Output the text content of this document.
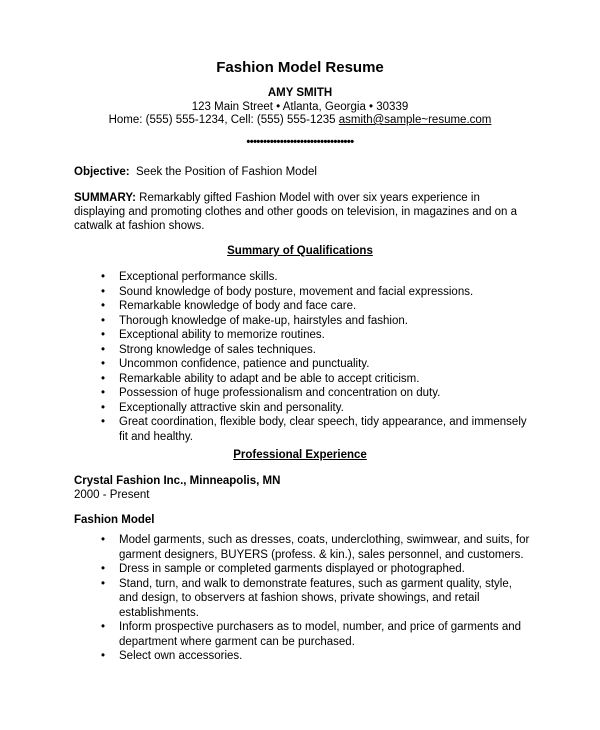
Fashion Model Resume
AMY SMITH
123 Main Street • Atlanta, Georgia • 30339
Home: (555) 555-1234, Cell: (555) 555-1235 asmith@sample~resume.com
••••••••••••••••••••••••••••••••
Objective: Seek the Position of Fashion Model
SUMMARY: Remarkably gifted Fashion Model with over six years experience in displaying and promoting clothes and other goods on television, in magazines and on a catwalk at fashion shows.
Summary of Qualifications
• Exceptional performance skills.
• Sound knowledge of body posture, movement and facial expressions.
• Remarkable knowledge of body and face care.
• Thorough knowledge of make-up, hairstyles and fashion.
• Exceptional ability to memorize routines.
• Strong knowledge of sales techniques.
• Uncommon confidence, patience and punctuality.
• Remarkable ability to adapt and be able to accept criticism.
• Possession of huge professionalism and concentration on duty.
• Exceptionally attractive skin and personality.
• Great coordination, flexible body, clear speech, tidy appearance, and immensely fit and healthy.
Professional Experience
Crystal Fashion Inc., Minneapolis, MN
2000 - Present
Fashion Model
• Model garments, such as dresses, coats, underclothing, swimwear, and suits, for garment designers, BUYERS (profess. & kin.), sales personnel, and customers.
• Dress in sample or completed garments displayed or photographed.
• Stand, turn, and walk to demonstrate features, such as garment quality, style, and design, to observers at fashion shows, private showings, and retail establishments.
• Inform prospective purchasers as to model, number, and price of garments and department where garment can be purchased.
• Select own accessories.
